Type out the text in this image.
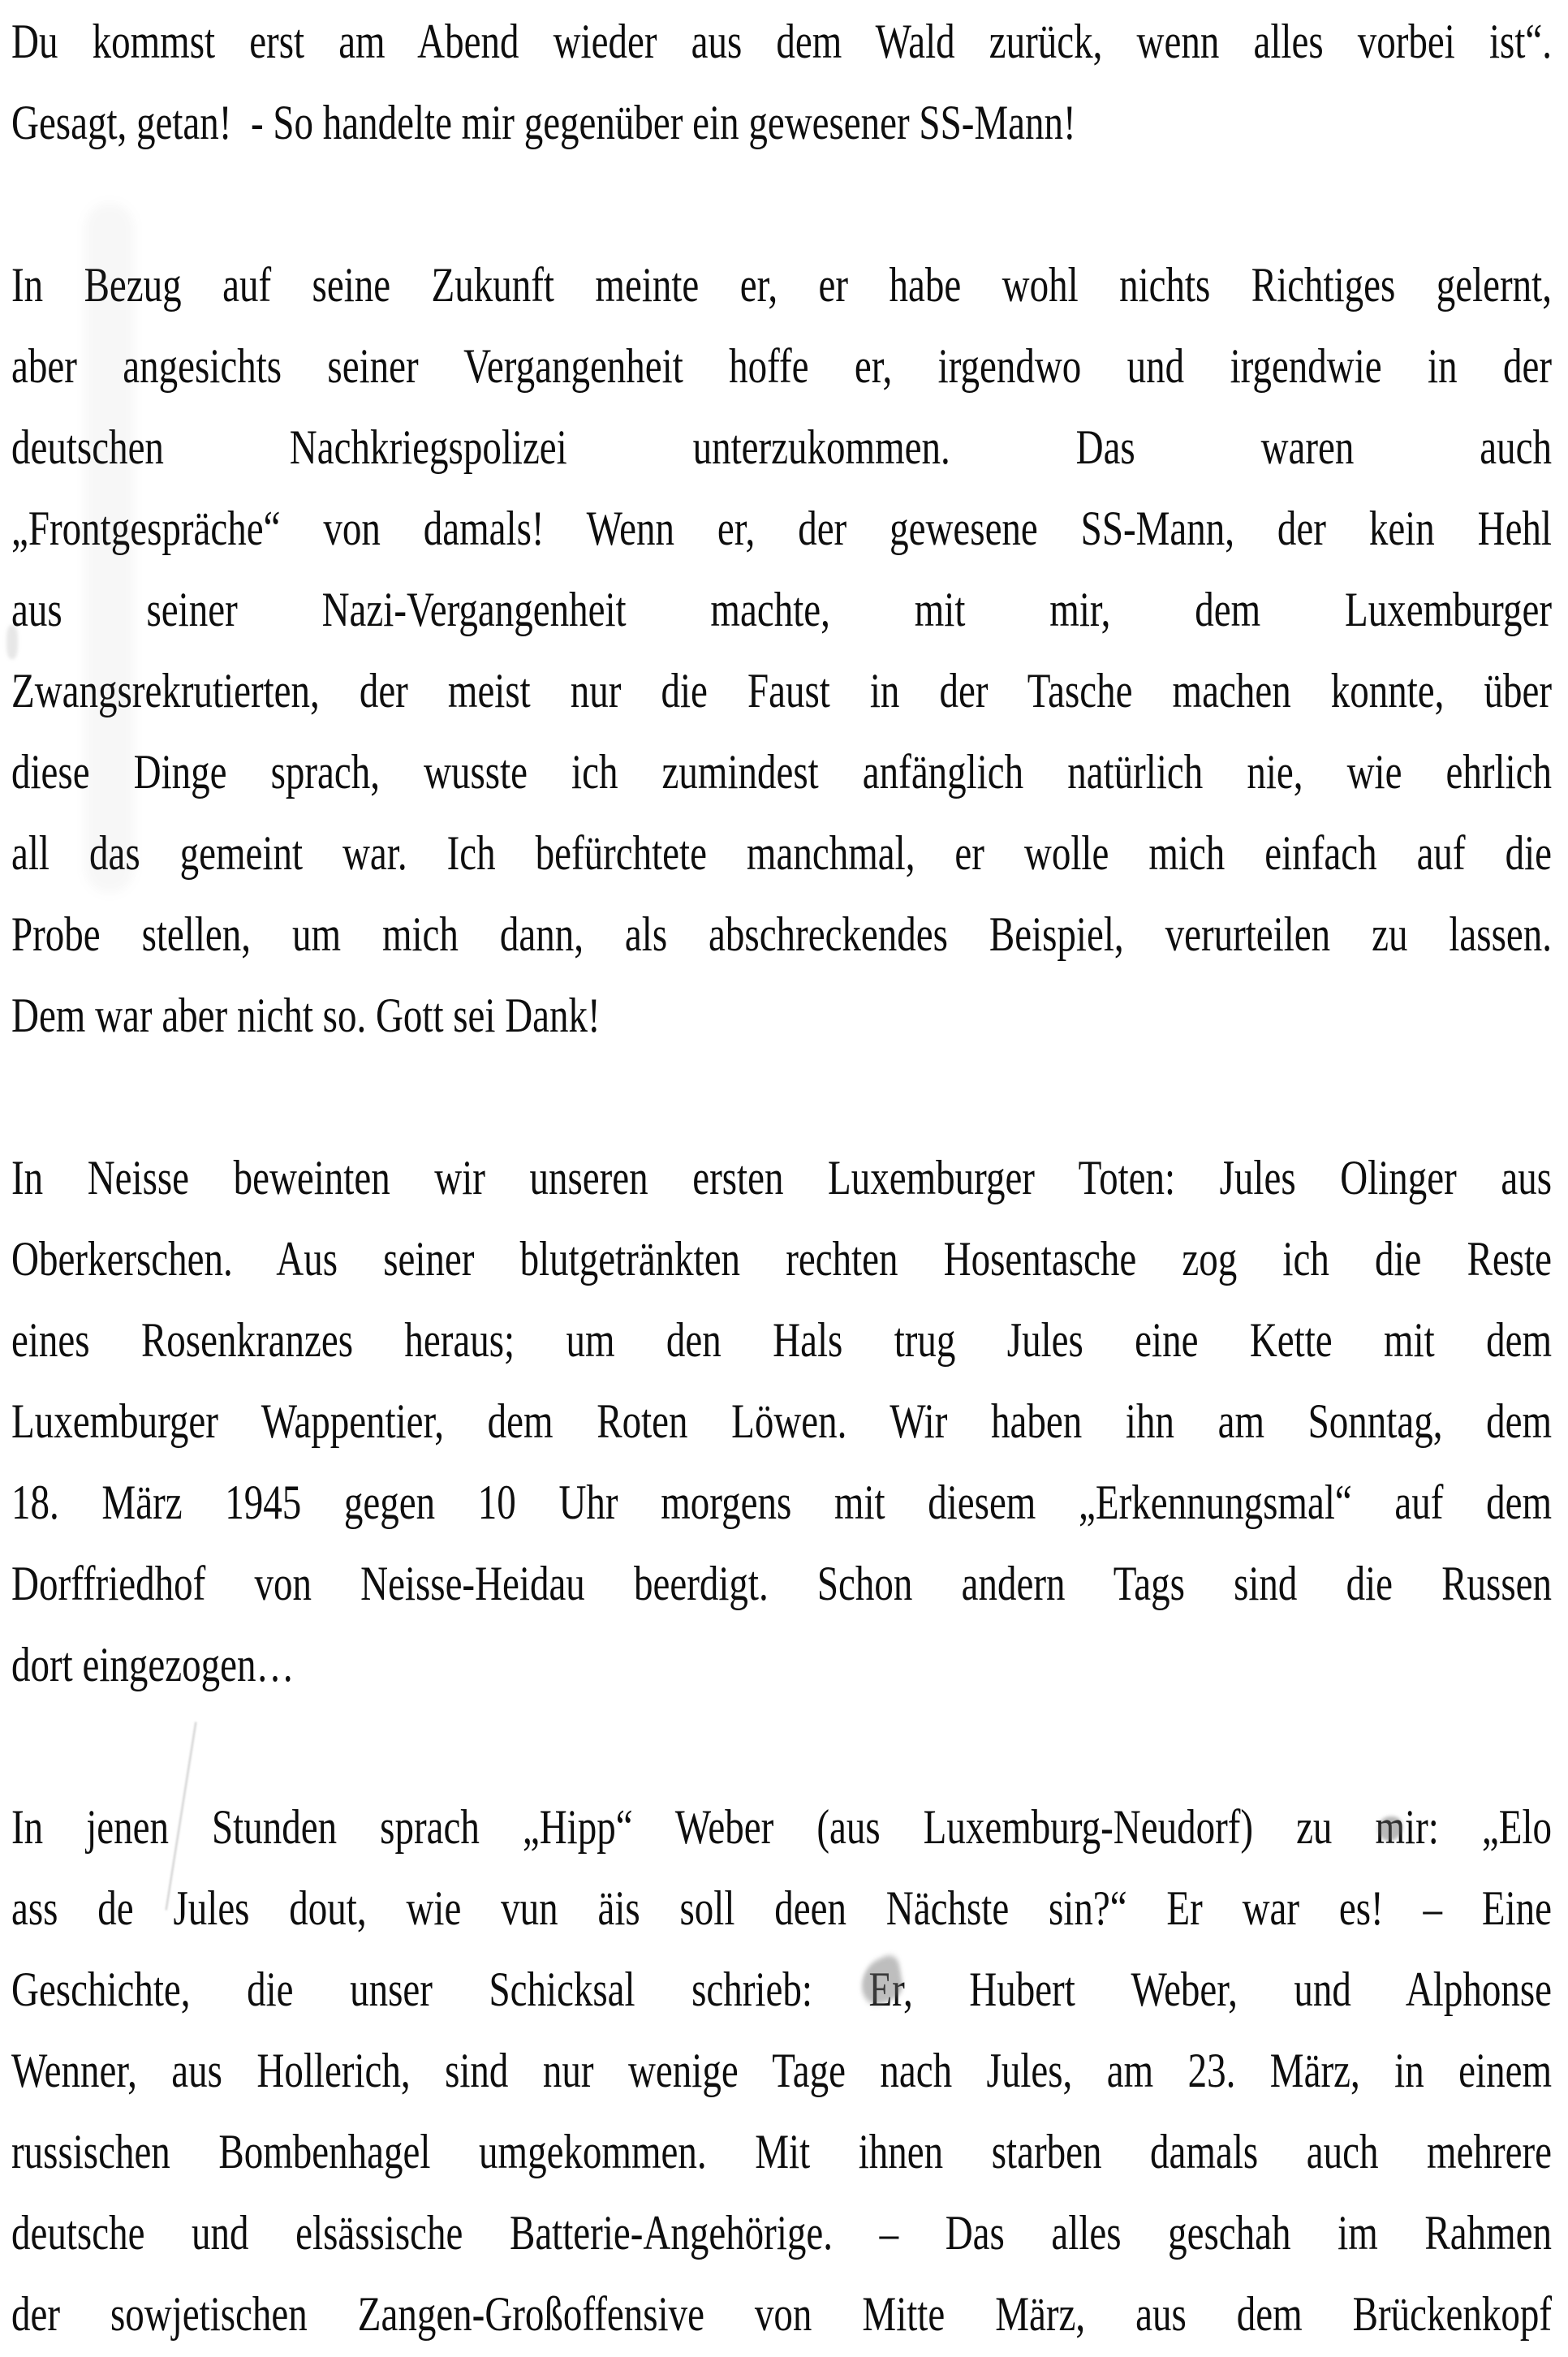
Du kommst erst am Abend wieder aus dem Wald zurück, wenn alles vorbei ist“.
Gesagt, getan!  - So handelte mir gegenüber ein gewesener SS-Mann!
In Bezug auf seine Zukunft meinte er, er habe wohl nichts Richtiges gelernt,
aber angesichts seiner Vergangenheit hoffe er, irgendwo und irgendwie in der
deutschen Nachkriegspolizei unterzukommen. Das waren auch
„Frontgespräche“ von damals! Wenn er, der gewesene SS-Mann, der kein Hehl
aus seiner Nazi-Vergangenheit machte, mit mir, dem Luxemburger
Zwangsrekrutierten, der meist nur die Faust in der Tasche machen konnte, über
diese Dinge sprach, wusste ich zumindest anfänglich natürlich nie, wie ehrlich
all das gemeint war. Ich befürchtete manchmal, er wolle mich einfach auf die
Probe stellen, um mich dann, als abschreckendes Beispiel, verurteilen zu lassen.
Dem war aber nicht so. Gott sei Dank!
In Neisse beweinten wir unseren ersten Luxemburger Toten: Jules Olinger aus
Oberkerschen. Aus seiner blutgetränkten rechten Hosentasche zog ich die Reste
eines Rosenkranzes heraus; um den Hals trug Jules eine Kette mit dem
Luxemburger Wappentier, dem Roten Löwen. Wir haben ihn am Sonntag, dem
18. März 1945 gegen 10 Uhr morgens mit diesem „Erkennungsmal“ auf dem
Dorffriedhof von Neisse-Heidau beerdigt. Schon andern Tags sind die Russen
dort eingezogen…
In jenen Stunden sprach „Hipp“ Weber (aus Luxemburg-Neudorf) zu mir: „Elo
ass de Jules dout, wie vun äis soll deen Nächste sin?“ Er war es! – Eine
Geschichte, die unser Schicksal schrieb: Er, Hubert Weber, und Alphonse
Wenner, aus Hollerich, sind nur wenige Tage nach Jules, am 23. März, in einem
russischen Bombenhagel umgekommen. Mit ihnen starben damals auch mehrere
deutsche und elsässische Batterie-Angehörige. – Das alles geschah im Rahmen
der sowjetischen Zangen-Großoffensive von Mitte März, aus dem Brückenkopf
